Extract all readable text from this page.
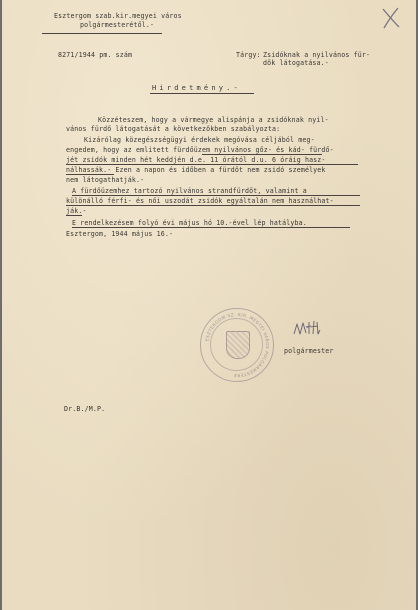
Esztergom szab.kir.megyei város
polgármesterétől.-
8271/1944 pm. szám	Tárgy: Zsidóknak a nyilvános für-
dők látogatása.-
Hirdetmény.-
Közzéteszem, hogy a vármegye alispánja a zsidóknak nyil-
vános fürdő látogatását a következőkben szabályozta:
Kizárólag közegészségügyi érdekek megóvása céljából meg-
engedem, hogy az emlitett fürdőüzem nyilvános gőz- és kád- fürdő-
jét zsidók minden hét keddjén d.e. 11 órától d.u. 6 óráig hasz-
nálhassák.- Ezen a napon és időben a fürdőt nem zsidó személyek
nem látogathatják.-
A fürdőüzemhez tartozó nyilvános strandfürdőt, valamint a
különálló férfi- és női uszodát zsidók egyáltalán nem használhat-
ják.-
E rendelkezésem folyó évi május hó 10.-ével lép hatályba.
Esztergom, 1944 május 16.-
ESZTERGOM SZ. KIR. MEGYEI VÁROS POLGÁRMESTERE
polgármester
Dr.B./M.P.
